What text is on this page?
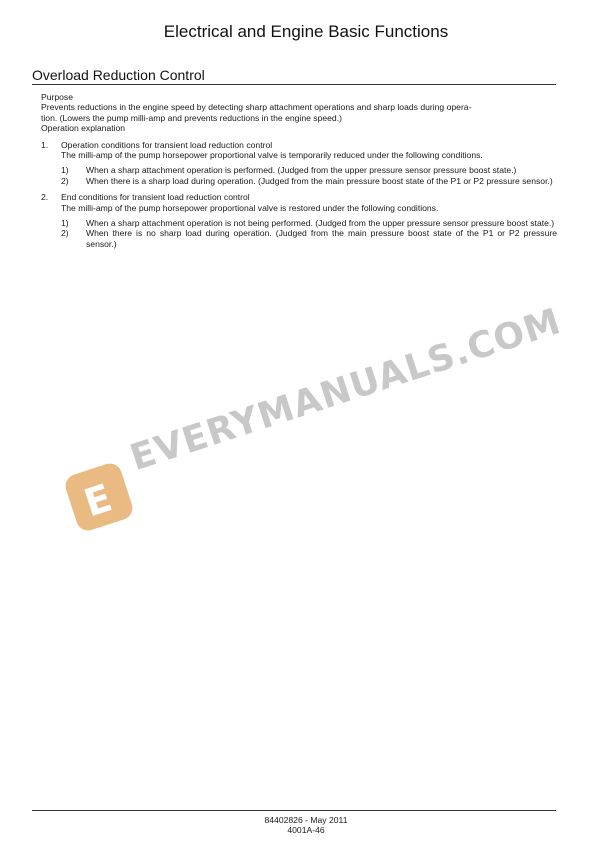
Electrical and Engine Basic Functions
Overload Reduction Control

Purpose

Prevents reductions in the engine speed by detecting sharp attachment operations and sharp loads during opera-

tion. (Lowers the pump milli-amp and prevents reductions in the engine speed.)

Operation explanation

1. Operation conditions for transient load reduction control

The milli-amp of the pump horsepower proportional valve is temporarily reduced under the following conditions.

1) When a sharp attachment operation is performed. (Judged from the upper pressure sensor pressure boost state.)
2) When there is a sharp load during operation. (Judged from the main pressure boost state of the P1 or P2 pressure sensor.)
2. End conditions for transient load reduction control

The milli-amp of the pump horsepower proportional valve is restored under the following conditions.

1) When a sharp attachment operation is not being performed. (Judged from the upper pressure sensor pressure boost state.)
2) When there is no sharp load during operation. (Judged from the main pressure boost state of the P1 or P2 pressure sensor.)
E
EVERYMANUALS.COM
84402826 - May 2011
4001A-46
